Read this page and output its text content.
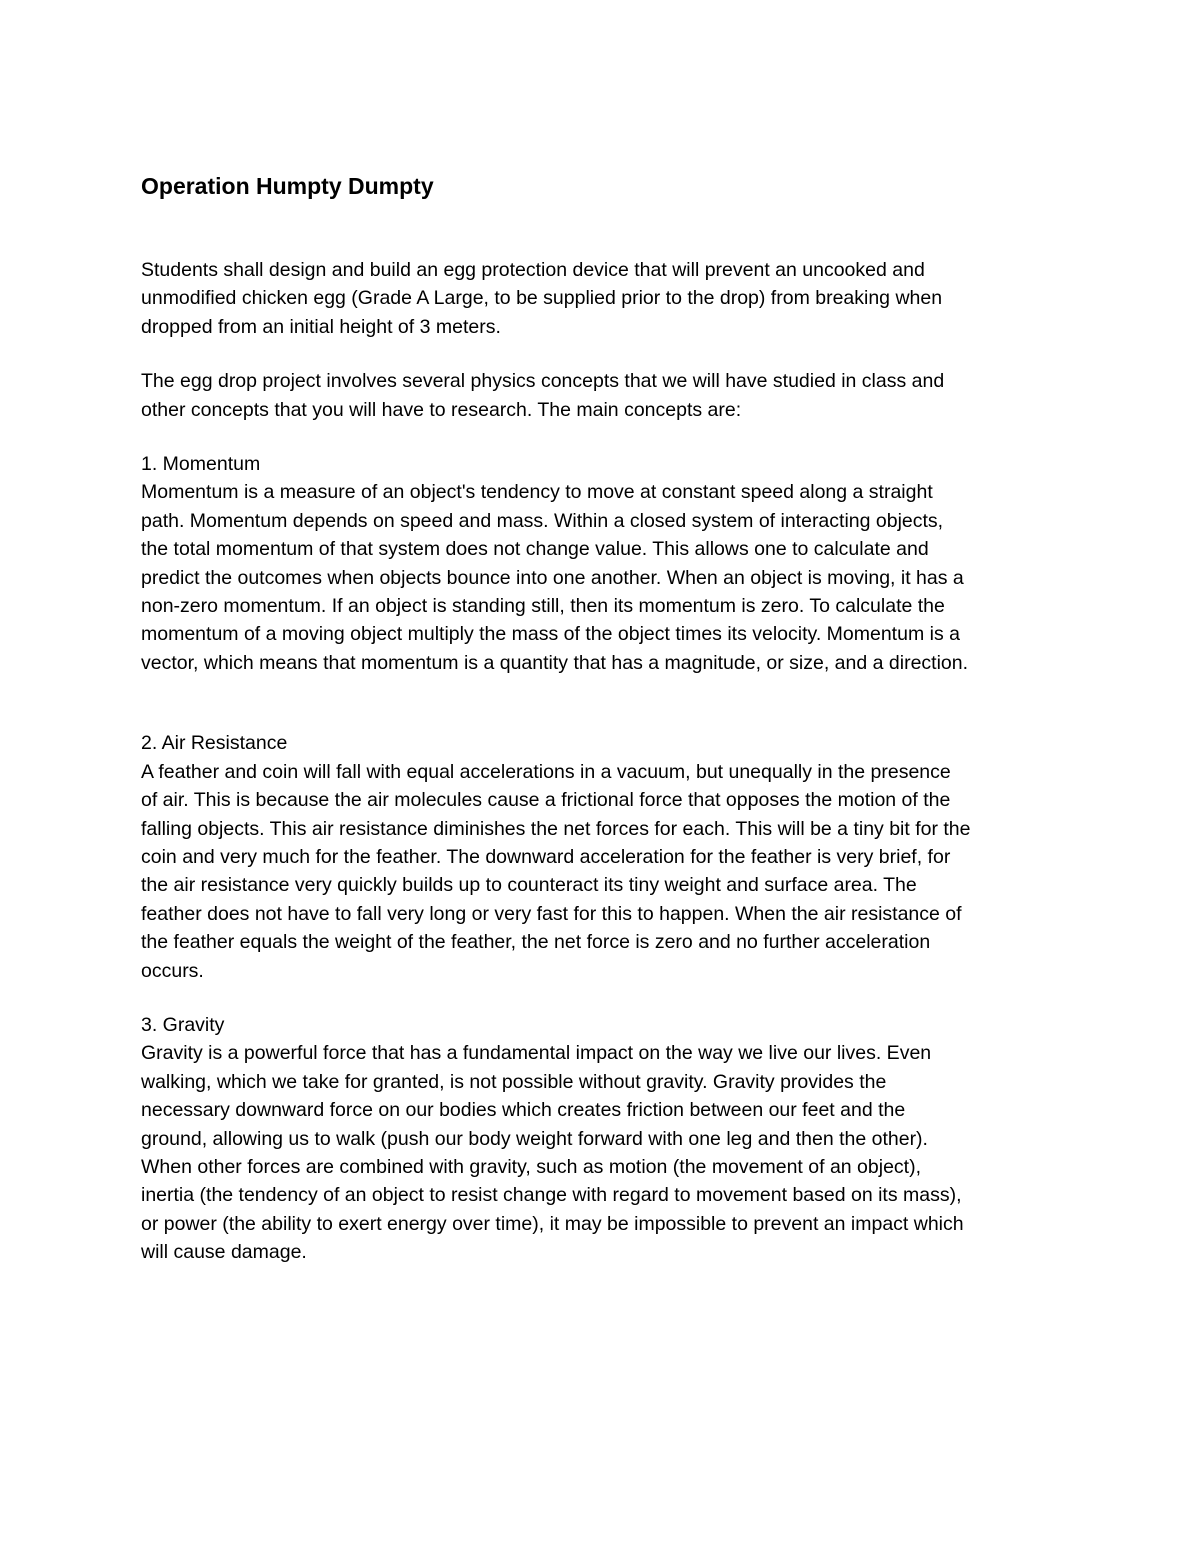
Operation Humpty Dumpty

Students shall design and build an egg protection device that will prevent an uncooked and
unmodified chicken egg (Grade A Large, to be supplied prior to the drop) from breaking when
dropped from an initial height of 3 meters.

The egg drop project involves several physics concepts that we will have studied in class and
other concepts that you will have to research. The main concepts are:

1. Momentum
Momentum is a measure of an object's tendency to move at constant speed along a straight
path. Momentum depends on speed and mass. Within a closed system of interacting objects,
the total momentum of that system does not change value. This allows one to calculate and
predict the outcomes when objects bounce into one another. When an object is moving, it has a
non-zero momentum. If an object is standing still, then its momentum is zero. To calculate the
momentum of a moving object multiply the mass of the object times its velocity. Momentum is a
vector, which means that momentum is a quantity that has a magnitude, or size, and a direction.
2. Air Resistance
A feather and coin will fall with equal accelerations in a vacuum, but unequally in the presence
of air. This is because the air molecules cause a frictional force that opposes the motion of the
falling objects. This air resistance diminishes the net forces for each. This will be a tiny bit for the
coin and very much for the feather. The downward acceleration for the feather is very brief, for
the air resistance very quickly builds up to counteract its tiny weight and surface area. The
feather does not have to fall very long or very fast for this to happen. When the air resistance of
the feather equals the weight of the feather, the net force is zero and no further acceleration
occurs.
3. Gravity
Gravity is a powerful force that has a fundamental impact on the way we live our lives. Even
walking, which we take for granted, is not possible without gravity. Gravity provides the
necessary downward force on our bodies which creates friction between our feet and the
ground, allowing us to walk (push our body weight forward with one leg and then the other).
When other forces are combined with gravity, such as motion (the movement of an object),
inertia (the tendency of an object to resist change with regard to movement based on its mass),
or power (the ability to exert energy over time), it may be impossible to prevent an impact which
will cause damage.
